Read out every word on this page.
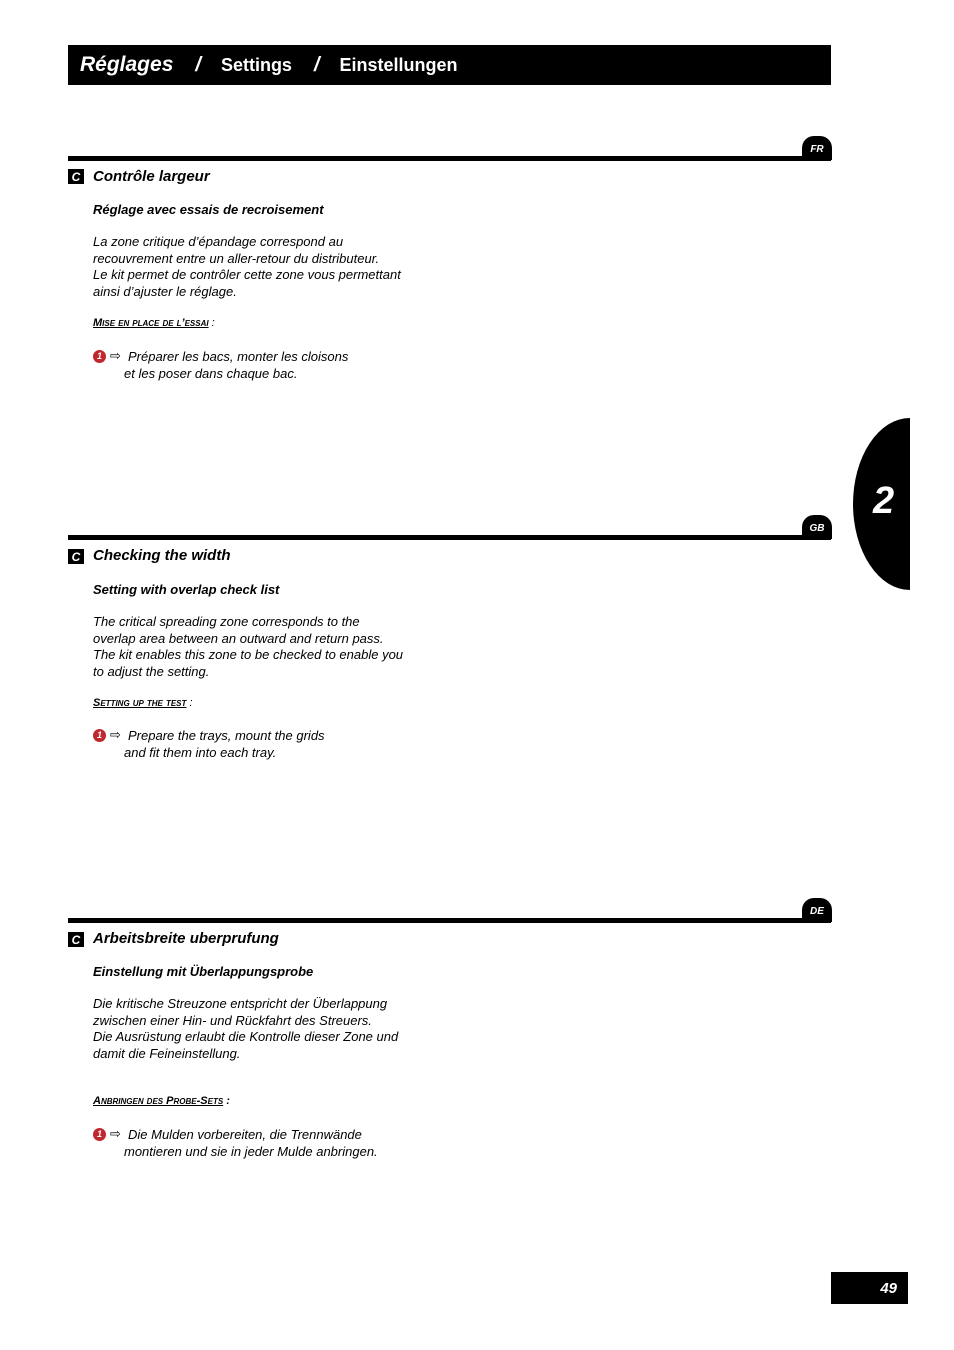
Réglages / Settings / Einstellungen
FR
C Contrôle largeur
Réglage avec essais de recroisement
La zone critique d’épandage correspond au
recouvrement entre un aller-retour du distributeur.
Le kit permet de contrôler cette zone vous permettant
ainsi d’ajuster le réglage.
Mise en place de l’essai :
1 ⇨ Préparer les bacs, monter les cloisons
et les poser dans chaque bac.
GB
C Checking the width
Setting with overlap check list
The critical spreading zone corresponds to the
overlap area between an outward and return pass.
The kit enables this zone to be checked to enable you
to adjust the setting.
Setting up the test :
1 ⇨ Prepare the trays, mount the grids
and fit them into each tray.
DE
C Arbeitsbreite uberprufung
Einstellung mit Überlappungsprobe
Die kritische Streuzone entspricht der Überlappung
zwischen einer Hin- und Rückfahrt des Streuers.
Die Ausrüstung erlaubt die Kontrolle dieser Zone und
damit die Feineinstellung.
Anbringen des Probe-Sets :
1 ⇨ Die Mulden vorbereiten, die Trennwände
montieren und sie in jeder Mulde anbringen.
2
49
